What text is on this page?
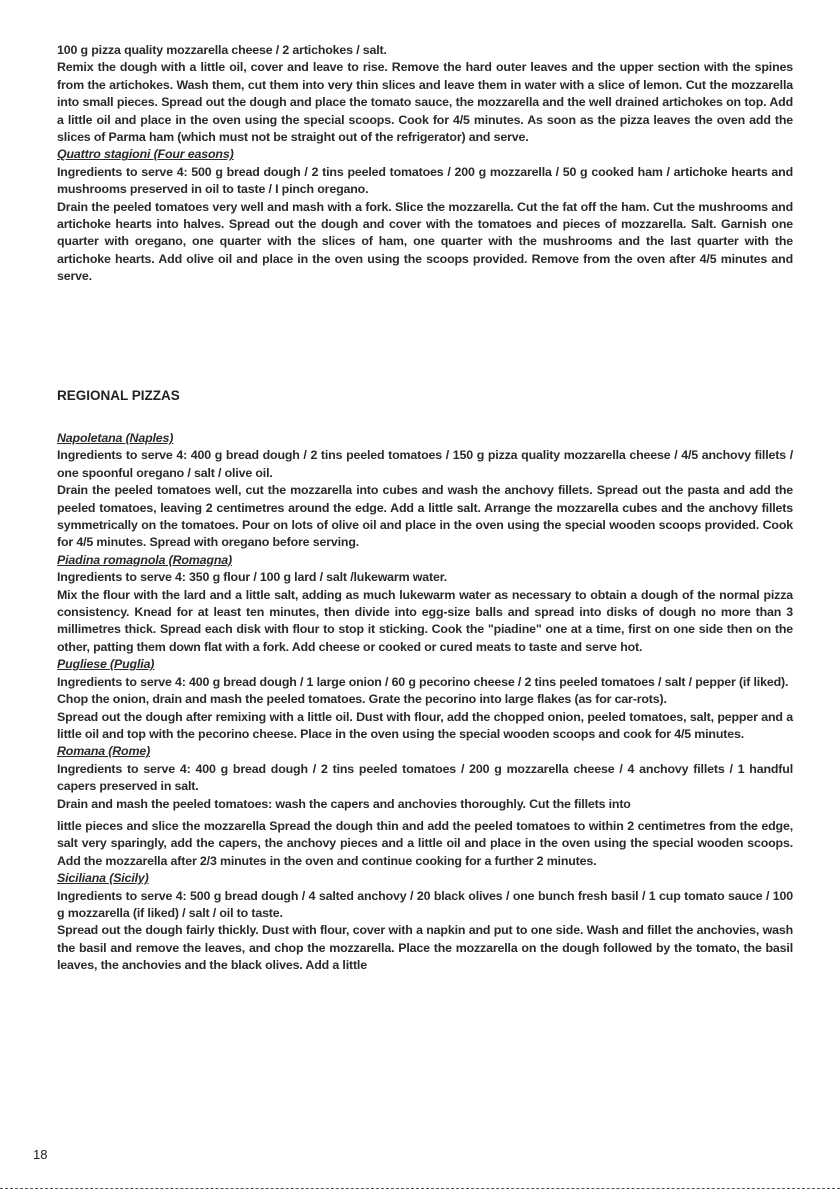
100 g pizza quality mozzarella cheese / 2 artichokes / salt.

Remix the dough with a little oil, cover and leave to rise. Remove the hard outer leaves and the upper section with the spines from the artichokes. Wash them, cut them into very thin slices and leave them in water with a slice of lemon. Cut the mozzarella into small pieces. Spread out the dough and place the tomato sauce, the mozzarella and the well drained artichokes on top. Add a little oil and place in the oven using the special scoops. Cook for 4/5 minutes. As soon as the pizza leaves the oven add the slices of Parma ham (which must not be straight out of the refrigerator) and serve.

Quattro stagioni (Four easons)

Ingredients to serve 4: 500 g bread dough / 2 tins peeled tomatoes / 200 g mozzarella / 50 g cooked ham / artichoke hearts and mushrooms preserved in oil to taste / I pinch oregano.

Drain the peeled tomatoes very well and mash with a fork. Slice the mozzarella. Cut the fat off the ham. Cut the mushrooms and artichoke hearts into halves. Spread out the dough and cover with the tomatoes and pieces of mozzarella. Salt. Garnish one quarter with oregano, one quarter with the slices of ham, one quarter with the mushrooms and the last quarter with the artichoke hearts. Add olive oil and place in the oven using the scoops provided. Remove from the oven after 4/5 minutes and serve.

REGIONAL PIZZAS

Napoletana (Naples)

Ingredients to serve 4: 400 g bread dough / 2 tins peeled tomatoes / 150 g pizza quality mozzarella cheese / 4/5 anchovy fillets / one spoonful oregano / salt / olive oil.

Drain the peeled tomatoes well, cut the mozzarella into cubes and wash the anchovy fillets. Spread out the pasta and add the peeled tomatoes, leaving 2 centimetres around the edge. Add a little salt. Arrange the mozzarella cubes and the anchovy fillets symmetrically on the tomatoes. Pour on lots of olive oil and place in the oven using the special wooden scoops provided. Cook for 4/5 minutes. Spread with oregano before serving.

Piadina romagnola (Romagna)

Ingredients to serve 4: 350 g flour / 100 g lard / salt /lukewarm water.

Mix the flour with the lard and a little salt, adding as much lukewarm water as necessary to obtain a dough of the normal pizza consistency. Knead for at least ten minutes, then divide into egg-size balls and spread into disks of dough no more than 3 millimetres thick. Spread each disk with flour to stop it sticking. Cook the "piadine" one at a time, first on one side then on the other, patting them down flat with a fork. Add cheese or cooked or cured meats to taste and serve hot.

Pugliese (Puglia)

Ingredients to serve 4: 400 g bread dough / 1 large onion / 60 g pecorino cheese / 2 tins peeled tomatoes / salt / pepper (if liked).

Chop the onion, drain and mash the peeled tomatoes. Grate the pecorino into large flakes (as for car-rots).

Spread out the dough after remixing with a little oil. Dust with flour, add the chopped onion, peeled tomatoes, salt, pepper and a little oil and top with the pecorino cheese. Place in the oven using the special wooden scoops and cook for 4/5 minutes.

Romana (Rome)

Ingredients to serve 4: 400 g bread dough / 2 tins peeled tomatoes / 200 g mozzarella cheese / 4 anchovy fillets / 1 handful capers preserved in salt.

Drain and mash the peeled tomatoes: wash the capers and anchovies thoroughly. Cut the fillets into

little pieces and slice the mozzarella Spread the dough thin and add the peeled tomatoes to within 2 centimetres from the edge, salt very sparingly, add the capers, the anchovy pieces and a little oil and place in the oven using the special wooden scoops. Add the mozzarella after 2/3 minutes in the oven and continue cooking for a further 2 minutes.

Siciliana (Sicily)

Ingredients to serve 4: 500 g bread dough / 4 salted anchovy / 20 black olives / one bunch fresh basil / 1 cup tomato sauce / 100 g mozzarella (if liked) / salt / oil to taste.

Spread out the dough fairly thickly. Dust with flour, cover with a napkin and put to one side. Wash and fillet the anchovies, wash the basil and remove the leaves, and chop the mozzarella. Place the mozzarella on the dough followed by the tomato, the basil leaves, the anchovies and the black olives. Add a little

18
